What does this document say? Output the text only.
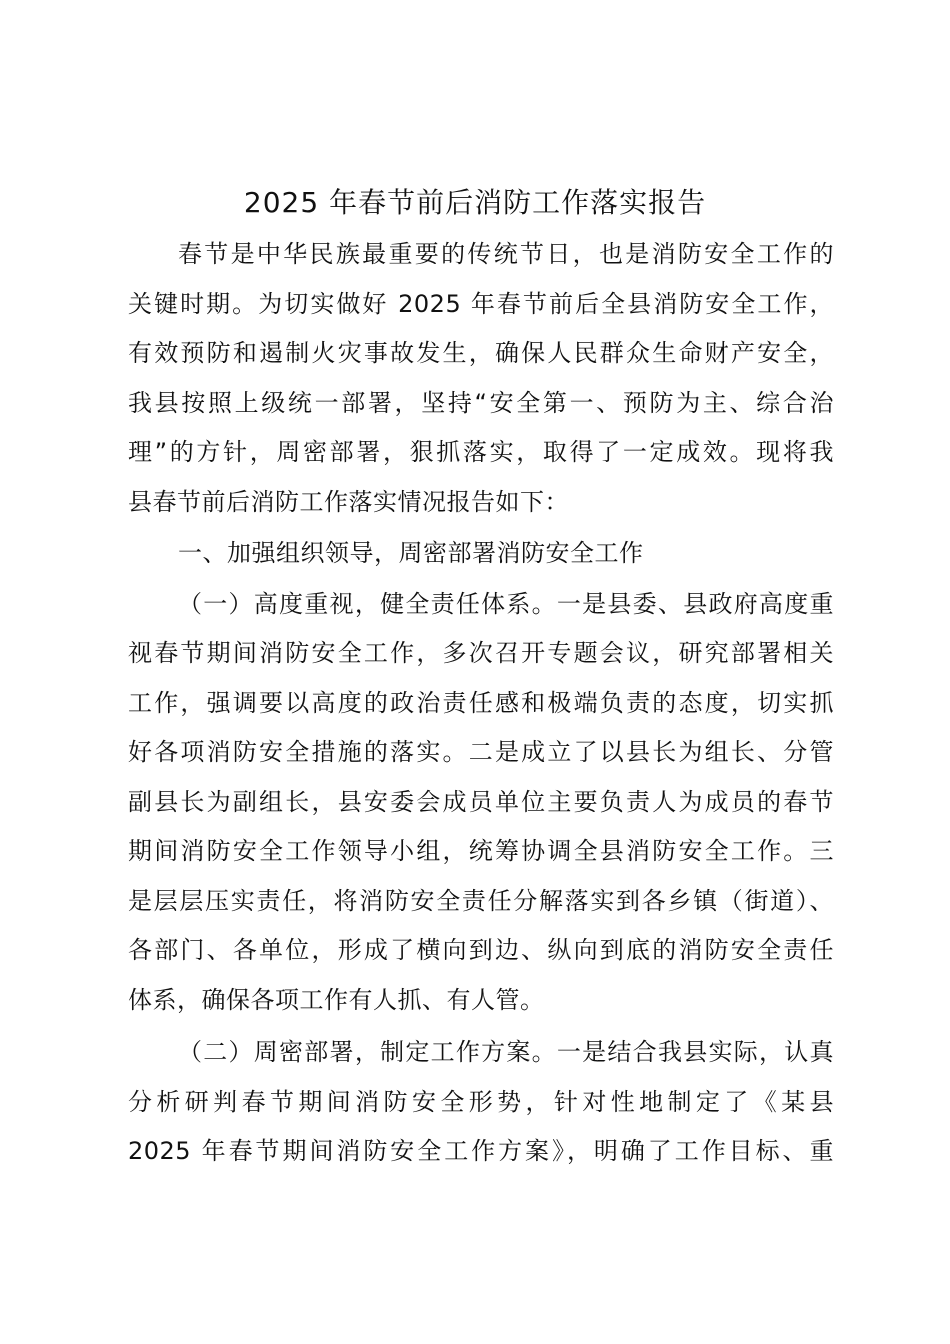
2025 年春节前后消防工作落实报告
春节是中华民族最重要的传统节日，也是消防安全工作的
关键时期。为切实做好 2025 年春节前后全县消防安全工作，
有效预防和遏制火灾事故发生，确保人民群众生命财产安全，
我县按照上级统一部署，坚持“安全第一、预防为主、综合治
理”的方针，周密部署，狠抓落实，取得了一定成效。现将我
县春节前后消防工作落实情况报告如下：
一、加强组织领导，周密部署消防安全工作
（一）高度重视，健全责任体系。一是县委、县政府高度重
视春节期间消防安全工作，多次召开专题会议，研究部署相关
工作，强调要以高度的政治责任感和极端负责的态度，切实抓
好各项消防安全措施的落实。二是成立了以县长为组长、分管
副县长为副组长，县安委会成员单位主要负责人为成员的春节
期间消防安全工作领导小组，统筹协调全县消防安全工作。三
是层层压实责任，将消防安全责任分解落实到各乡镇（街道）、
各部门、各单位，形成了横向到边、纵向到底的消防安全责任
体系，确保各项工作有人抓、有人管。
（二）周密部署，制定工作方案。一是结合我县实际，认真
分析研判春节期间消防安全形势，针对性地制定了《某县
2025 年春节期间消防安全工作方案》，明确了工作目标、重
